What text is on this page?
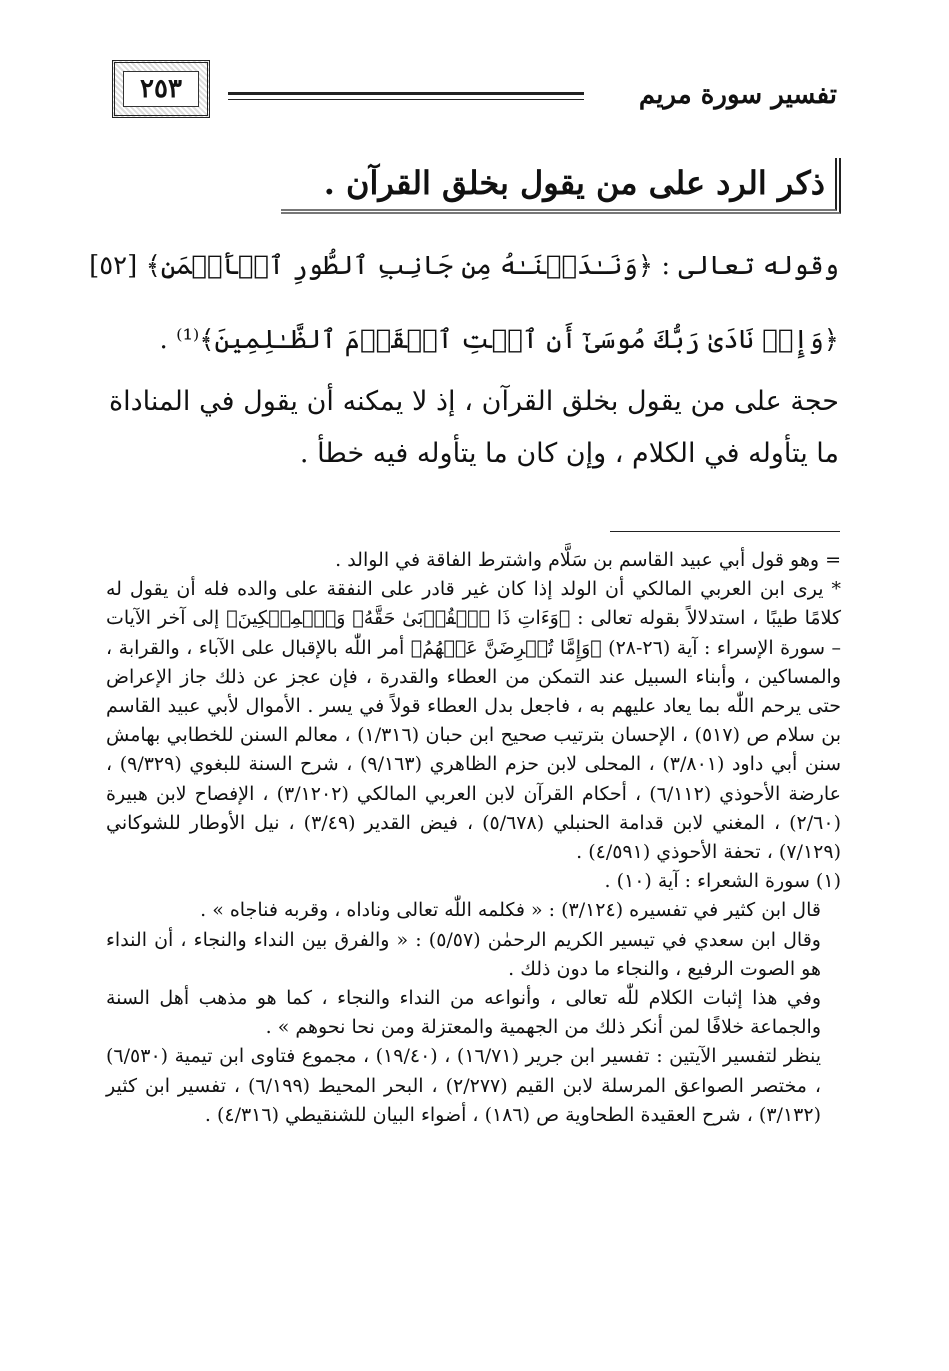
٢٥٣	تفسير سورة مريم
ذكر الرد على من يقول بخلق القرآن .
وقوله تعالى : ﴿وَنَـٰدَيۡنَـٰهُ مِن جَانِبِ ٱلطُّورِ ٱلۡأَيۡمَنِ﴾ [٥٢]
﴿وَإِذۡ نَادَىٰ رَبُّكَ مُوسَىٰٓ أَنِ ٱئۡتِ ٱلۡقَوۡمَ ٱلظَّـٰلِمِينَ﴾⁽¹⁾ .
حجة على من يقول بخلق القرآن ، إذ لا يمكنه أن يقول في المناداة ما يتأوله في الكلام ، وإن كان ما يتأوله فيه خطأ .

= وهو قول أبي عبيد القاسم بن سَلَّام واشترط الفاقة في الوالد .

* يرى ابن العربي المالكي أن الولد إذا كان غير قادر على النفقة على والده فله أن يقول له كلامًا طيبًا ، استدلالاً بقوله تعالى : ﴿وَءَاتِ ذَا ٱلۡقُرۡبَىٰ حَقَّهُۥ وَٱلۡمِسۡكِينَ﴾ إلى آخر الآيات – سورة الإسراء : آية (٢٦-٢٨) ﴿وَإِمَّا تُعۡرِضَنَّ عَنۡهُمُ﴾ أمر اللّٰه بالإقبال على الآباء ، والقرابة ، والمساكين ، وأبناء السبيل عند التمكن من العطاء والقدرة ، فإن عجز عن ذلك جاز الإعراض حتى يرحم اللّٰه بما يعاد عليهم به ، فاجعل بدل العطاء قولاً في يسر . الأموال لأبي عبيد القاسم بن سلام ص (٥١٧) ، الإحسان بترتيب صحيح ابن حبان (١/٣١٦) ، معالم السنن للخطابي بهامش سنن أبي داود (٣/٨٠١) ، المحلى لابن حزم الظاهري (٩/١٦٣) ، شرح السنة للبغوي (٩/٣٢٩) ، عارضة الأحوذي (٦/١١٢) ، أحكام القرآن لابن العربي المالكي (٣/١٢٠٢) ، الإفصاح لابن هبيرة (٢/٦٠) ، المغني لابن قدامة الحنبلي (٥/٦٧٨) ، فيض القدير (٣/٤٩) ، نيل الأوطار للشوكاني (٧/١٢٩) ، تحفة الأحوذي (٤/٥٩١) .

(١) سورة الشعراء : آية (١٠) .

قال ابن كثير في تفسيره (٣/١٢٤) : « فكلمه اللّٰه تعالى وناداه ، وقربه فناجاه » .

وقال ابن سعدي في تيسير الكريم الرحمٰن (٥/٥٧) : « والفرق بين النداء والنجاء ، أن النداء هو الصوت الرفيع ، والنجاء ما دون ذلك .

وفي هذا إثبات الكلام للّٰه تعالى ، وأنواعه من النداء والنجاء ، كما هو مذهب أهل السنة والجماعة خلافًا لمن أنكر ذلك من الجهمية والمعتزلة ومن نحا نحوهم » .

ينظر لتفسير الآيتين : تفسير ابن جرير (١٦/٧١) ، (١٩/٤٠) ، مجموع فتاوى ابن تيمية (٦/٥٣٠) ، مختصر الصواعق المرسلة لابن القيم (٢/٢٧٧) ، البحر المحيط (٦/١٩٩) ، تفسير ابن كثير (٣/١٣٢) ، شرح العقيدة الطحاوية ص (١٨٦) ، أضواء البيان للشنقيطي (٤/٣١٦) .
